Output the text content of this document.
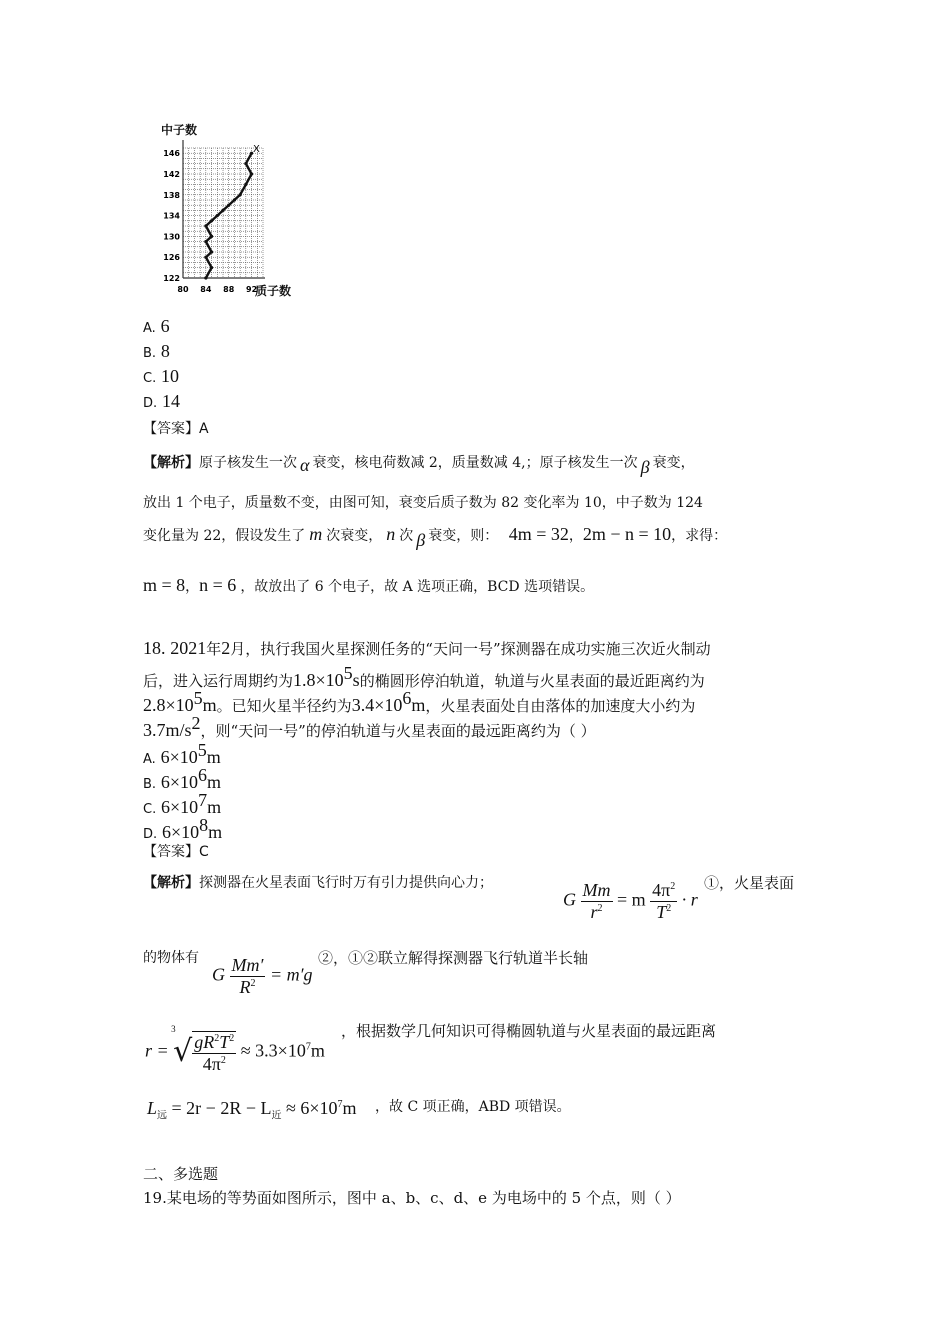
中子数
146
142
138
134
130
126
122
80 84 88 92
质子数
X
A. 6
B. 8
C. 10
D. 14
【答案】A
【解析】原子核发生一次 α 衰变，核电荷数减 2，质量数减 4,；原子核发生一次 β 衰变，
放出 1 个电子，质量数不变，由图可知，衰变后质子数为 82 变化率为 10，中子数为 124
变化量为 22，假设发生了 m 次衰变， n 次 β 衰变，则： 4m = 32，2m − n = 10，求得：
m = 8，n = 6 ，故放出了 6 个电子，故 A 选项正确，BCD 选项错误。
18. 2021年2月，执行我国火星探测任务的“天问一号”探测器在成功实施三次近火制动
后，进入运行周期约为$1.8\times 10^5s$的椭圆形停泊轨道，轨道与火星表面的最近距离约为
$2.8\times 10^5m$。已知火星半径约为$3.4\times 10^6m$，火星表面处自由落体的加速度大小约为
$3.7m/s^2$，则“天问一号”的停泊轨道与火星表面的最远距离约为（ ）
A. $6\times 10^5m$
B. $6\times 10^6m$
C. $6\times 10^7m$
D. $6\times 10^8m$
【答案】C
【解析】探测器在火星表面飞行时万有引力提供向心力；
G $\frac{Mm}{r^2} = m \frac{4\pi^2}{T^2} \cdot r$
①，火星表面
的物体有
G $\frac{Mm'}{R^2} = m'g$
②，①②联立解得探测器飞行轨道半长轴
r =
3
√ $\frac{gR^2T^2}{4\pi^2} \approx 3.3\times 10^7m$
，根据数学几何知识可得椭圆轨道与火星表面的最远距离
$L_远 = 2r - 2R - L_近 \approx 6\times 10^7m$ ，故 C 项正确，ABD 项错误。
二、多选题
19.某电场的等势面如图所示，图中 a、b、c、d、e 为电场中的 5 个点，则（ ）
